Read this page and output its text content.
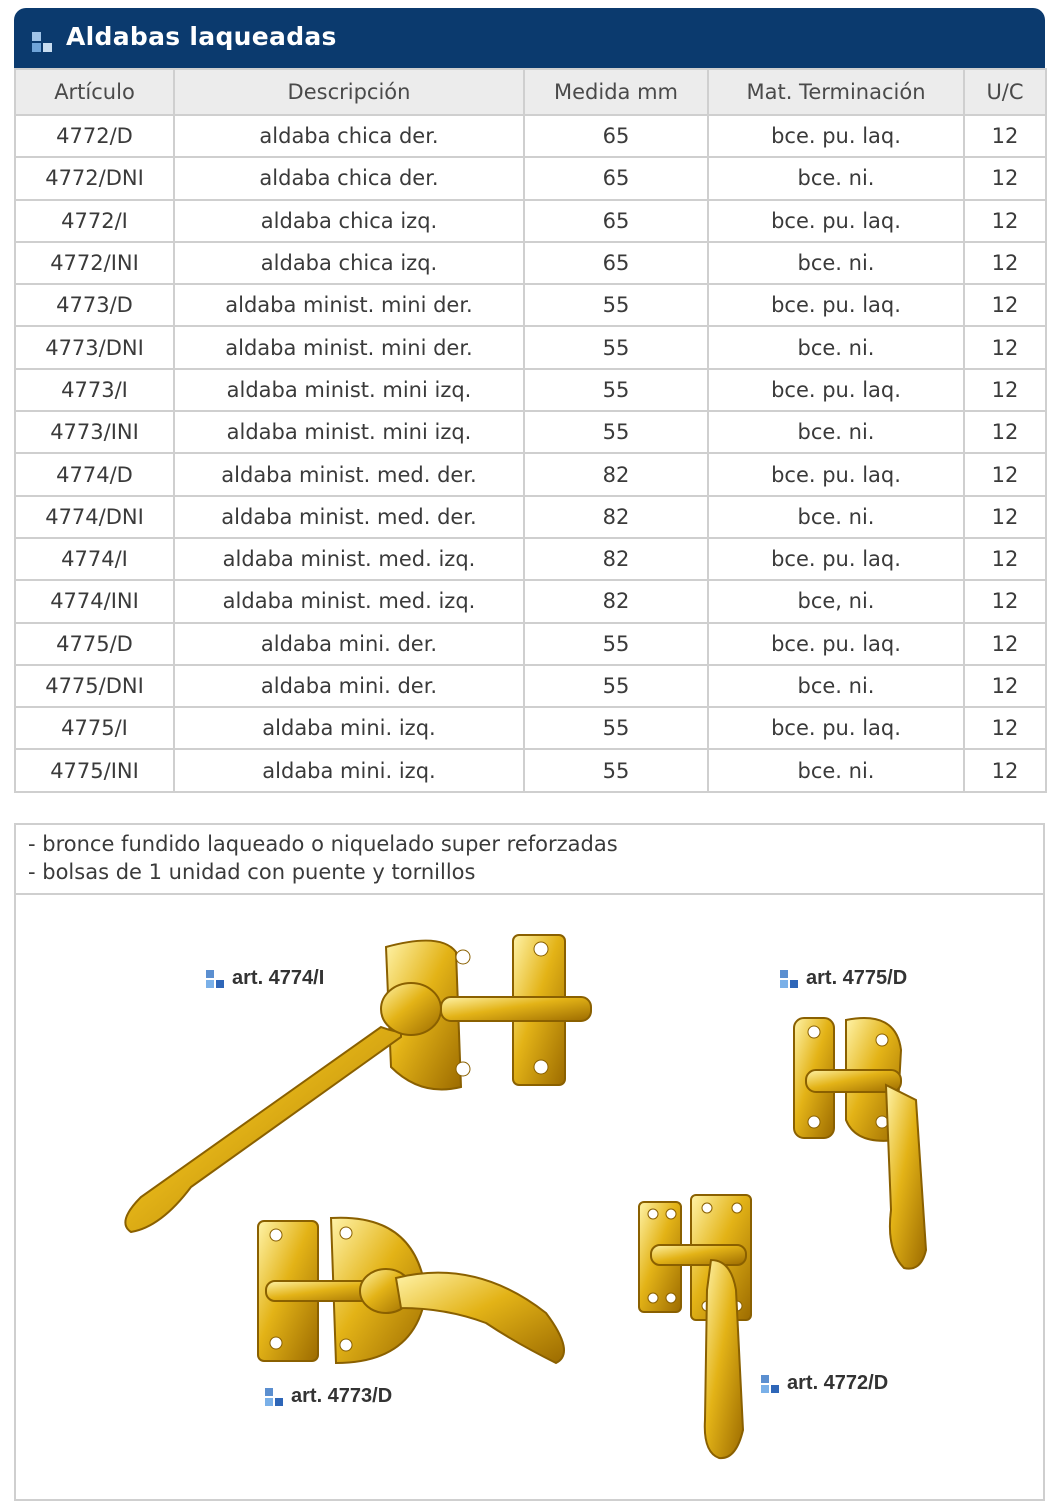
Aldabas laqueadas
Artículo	Descripción	Medida mm	Mat. Terminación	U/C
4772/D	aldaba chica der.	65	bce. pu. laq.	12
4772/DNI	aldaba chica der.	65	bce. ni.	12
4772/I	aldaba chica izq.	65	bce. pu. laq.	12
4772/INI	aldaba chica izq.	65	bce. ni.	12
4773/D	aldaba minist. mini der.	55	bce. pu. laq.	12
4773/DNI	aldaba minist. mini der.	55	bce. ni.	12
4773/I	aldaba minist. mini izq.	55	bce. pu. laq.	12
4773/INI	aldaba minist. mini izq.	55	bce. ni.	12
4774/D	aldaba minist. med. der.	82	bce. pu. laq.	12
4774/DNI	aldaba minist. med. der.	82	bce. ni.	12
4774/I	aldaba minist. med. izq.	82	bce. pu. laq.	12
4774/INI	aldaba minist. med. izq.	82	bce, ni.	12
4775/D	aldaba mini. der.	55	bce. pu. laq.	12
4775/DNI	aldaba mini. der.	55	bce. ni.	12
4775/I	aldaba mini. izq.	55	bce. pu. laq.	12
4775/INI	aldaba mini. izq.	55	bce. ni.	12
- bronce fundido laqueado o niquelado super reforzadas
- bolsas de 1 unidad con puente y tornillos
art. 4774/I	art. 4775/D
art. 4773/D
art. 4772/D
